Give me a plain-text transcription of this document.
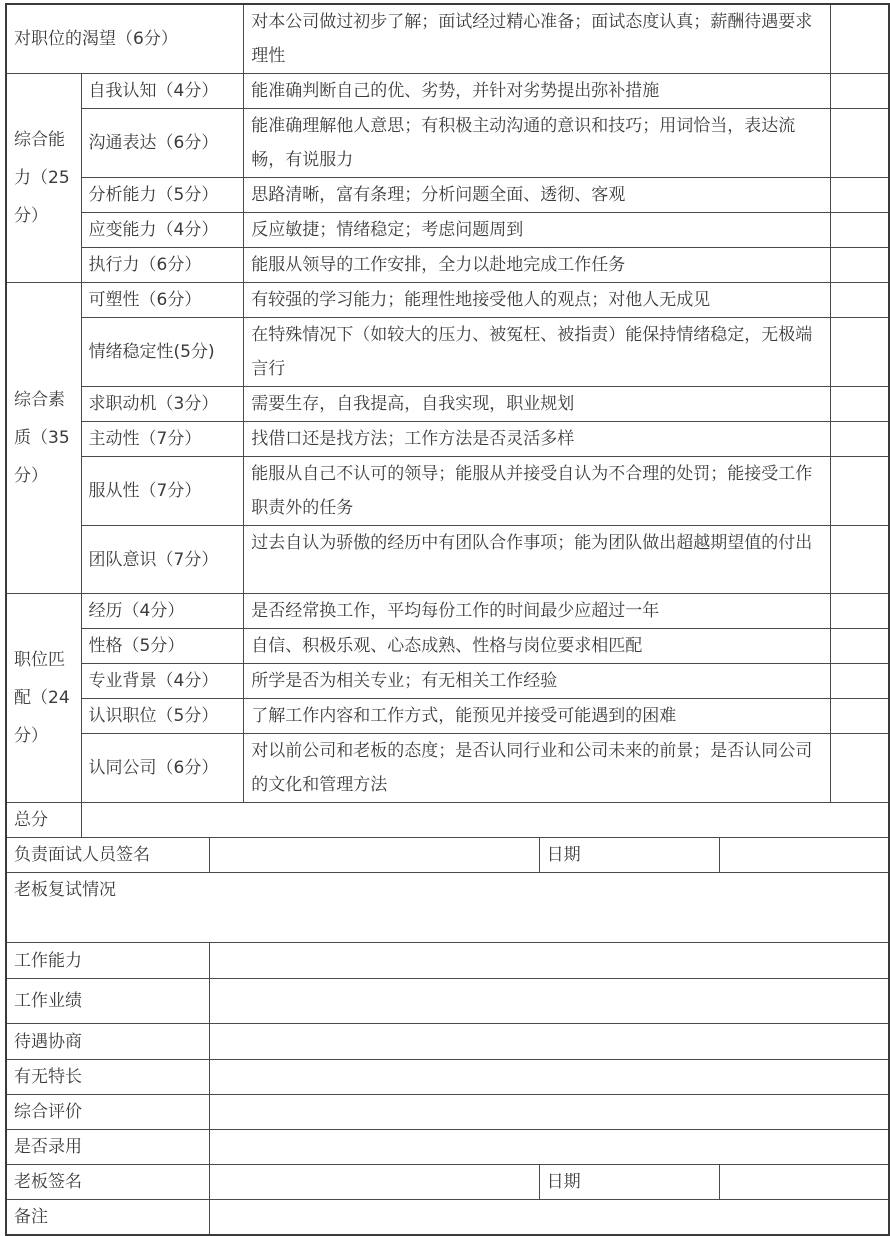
对职位的渴望（6分）			对本公司做过初步了解；面试经过精心准备；面试态度认真；薪酬待遇要求理性			
综合能力（25分）	自我认知（4分）		能准确判断自己的优、劣势，并针对劣势提出弥补措施			
	沟通表达（6分）		能准确理解他人意思；有积极主动沟通的意识和技巧；用词恰当，表达流畅，有说服力			
	分析能力（5分）		思路清晰，富有条理；分析问题全面、透彻、客观			
	应变能力（4分）		反应敏捷；情绪稳定；考虑问题周到			
	执行力（6分）		能服从领导的工作安排，全力以赴地完成工作任务			

综合素质（35分）	可塑性（6分）		有较强的学习能力；能理性地接受他人的观点；对他人无成见			
	情绪稳定性(5分)		在特殊情况下（如较大的压力、被冤枉、被指责）能保持情绪稳定，无极端言行			
	求职动机（3分）		需要生存，自我提高，自我实现，职业规划			
	主动性（7分）		找借口还是找方法；工作方法是否灵活多样			
	服从性（7分）		能服从自己不认可的领导；能服从并接受自认为不合理的处罚；能接受工作职责外的任务			
	团队意识（7分）		过去自认为骄傲的经历中有团队合作事项；能为团队做出超越期望值的付出			
职位匹配（24分）	经历（4分）		是否经常换工作，平均每份工作的时间最少应超过一年			
	性格（5分）		自信、积极乐观、心态成熟、性格与岗位要求相匹配			
	专业背景（4分）		所学是否为相关专业；有无相关工作经验			
	认识职位（5分）		了解工作内容和工作方式，能预见并接受可能遇到的困难			
	认同公司（6分）		对以前公司和老板的态度；是否认同行业和公司未来的前景；是否认同公司的文化和管理方法			
总分						
负责面试人员签名				日期		
老板复试情况						
工作能力						
工作业绩						
待遇协商						
有无特长						
综合评价						
是否录用						
老板签名				日期		
备注						
